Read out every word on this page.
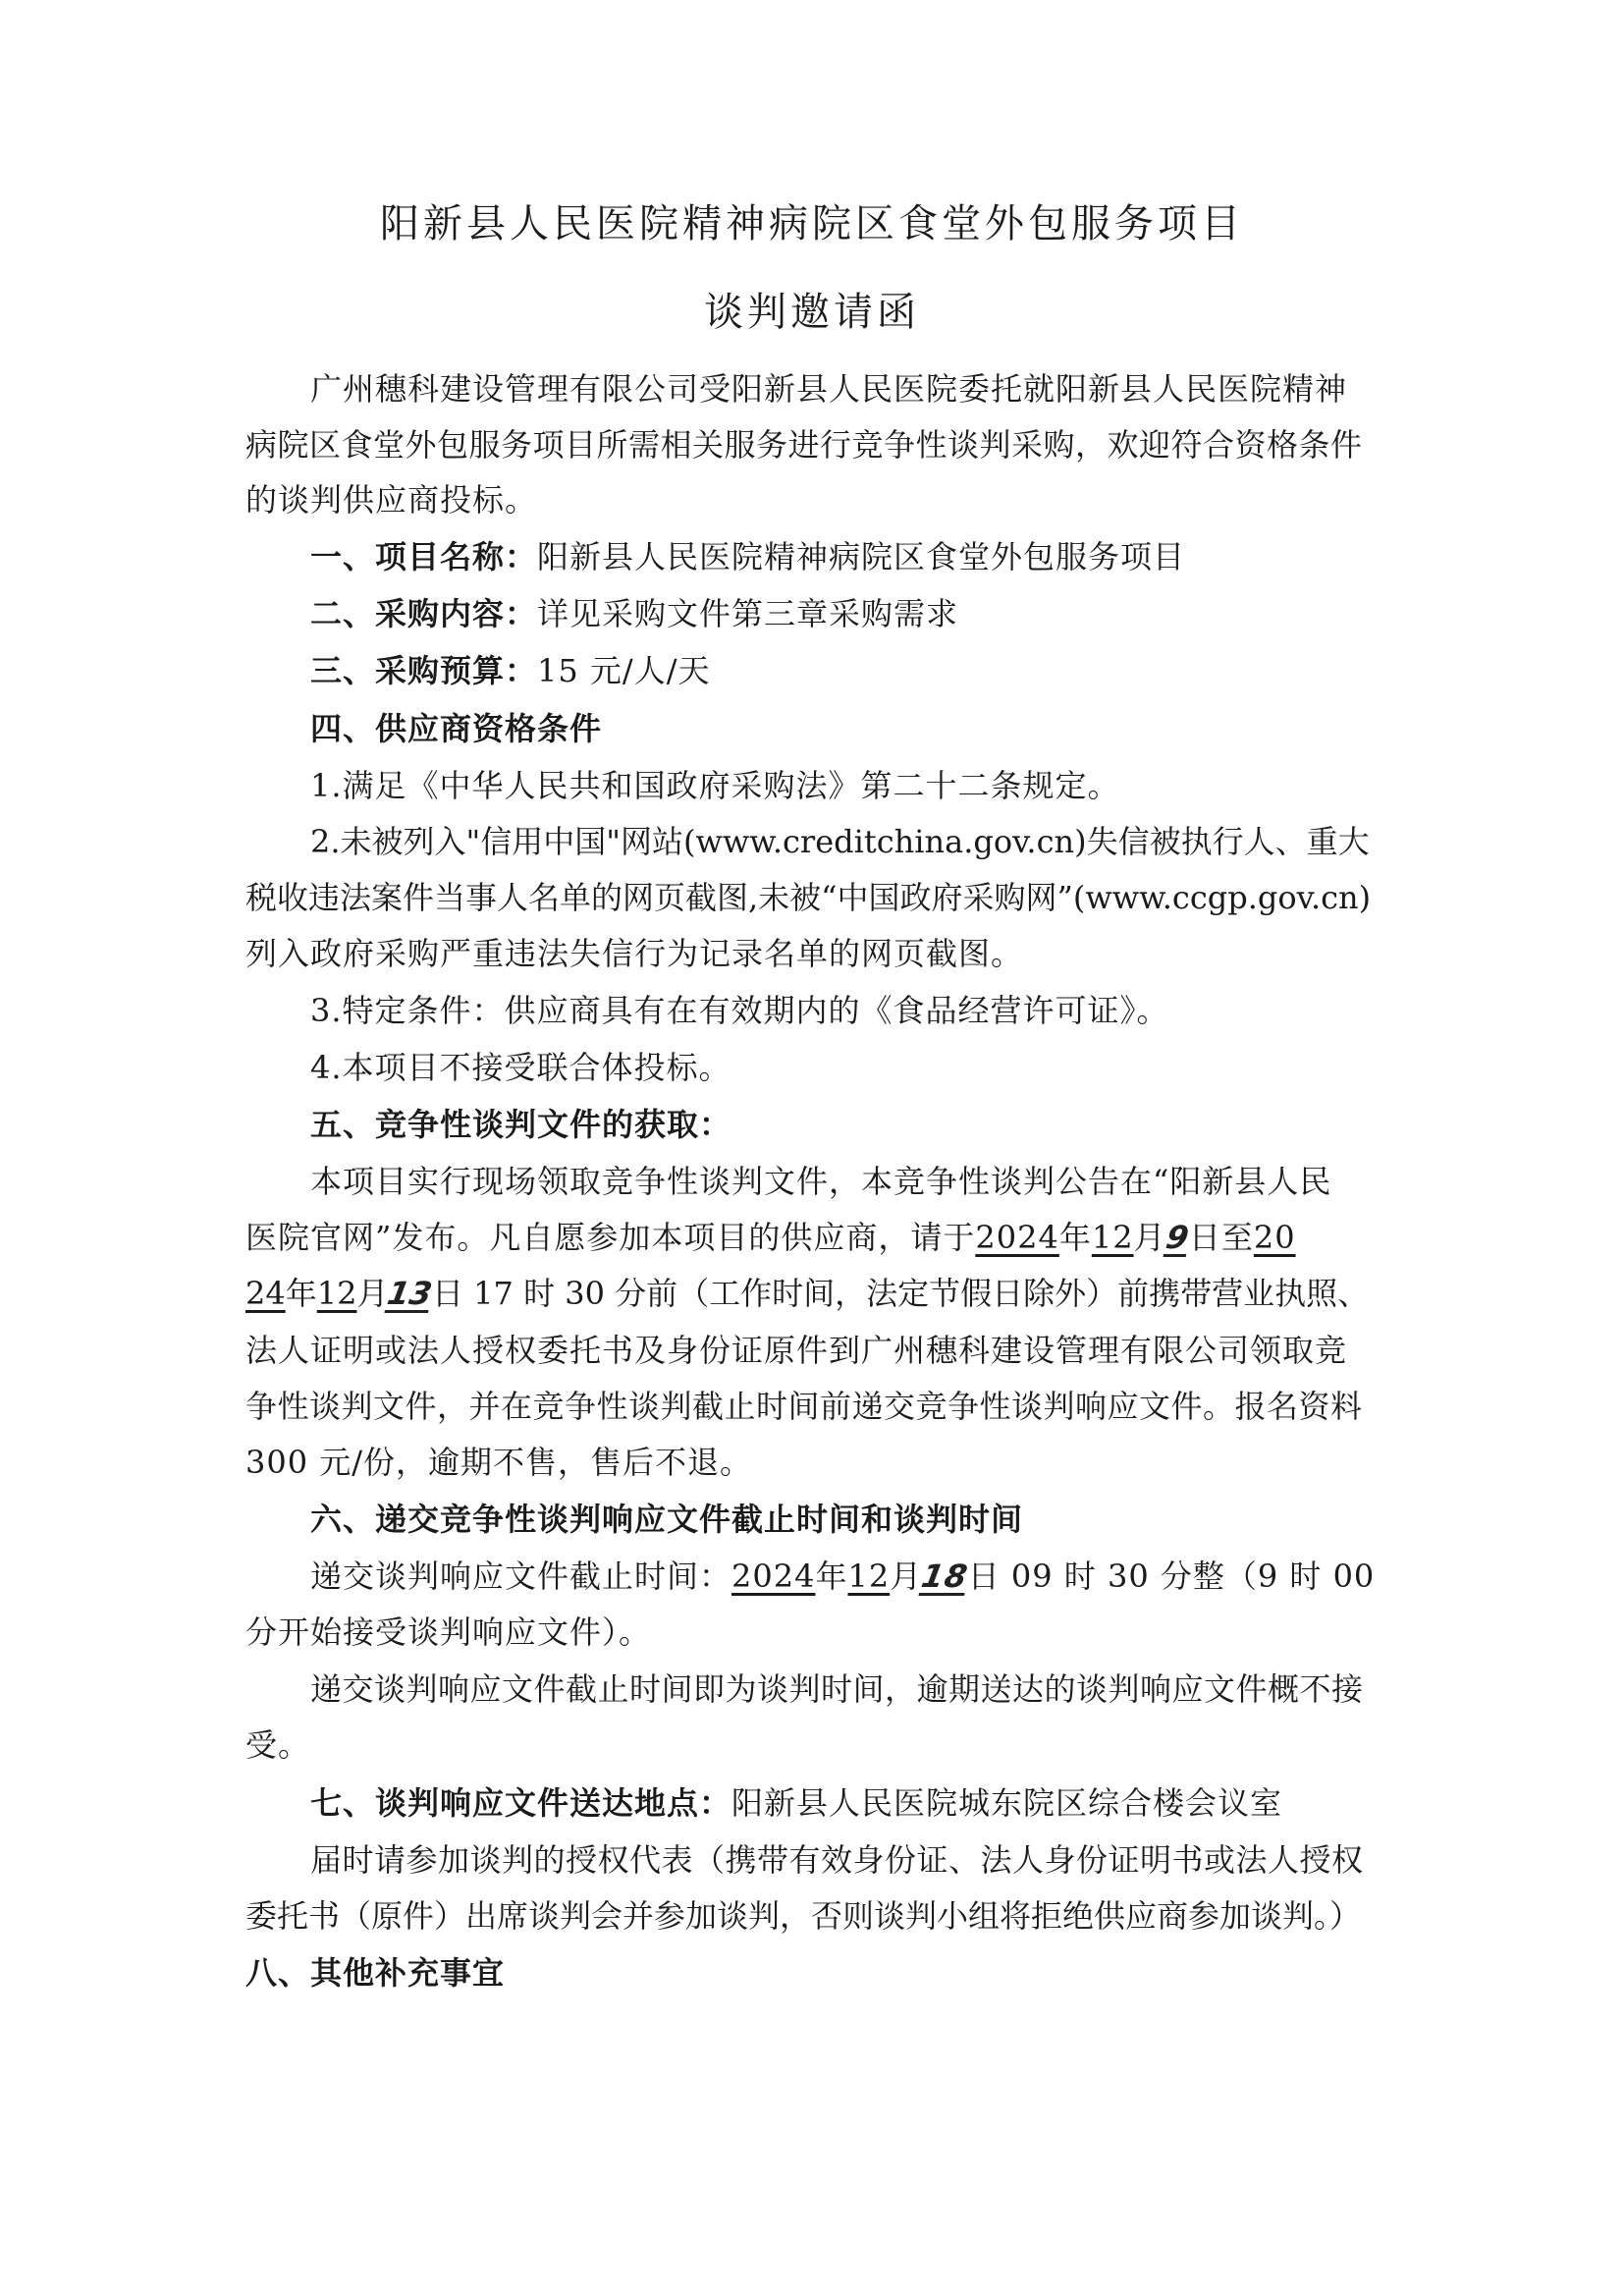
阳新县人民医院精神病院区食堂外包服务项目
谈判邀请函
广州穗科建设管理有限公司受阳新县人民医院委托就阳新县人民医院精神
病院区食堂外包服务项目所需相关服务进行竞争性谈判采购，欢迎符合资格条件
的谈判供应商投标。
一、项目名称：阳新县人民医院精神病院区食堂外包服务项目
二、采购内容：详见采购文件第三章采购需求
三、采购预算：15 元/人/天
四、供应商资格条件
1.满足《中华人民共和国政府采购法》第二十二条规定。
2.未被列入"信用中国"网站(www.creditchina.gov.cn)失信被执行人、重大
税收违法案件当事人名单的网页截图,未被“中国政府采购网”(www.ccgp.gov.cn)
列入政府采购严重违法失信行为记录名单的网页截图。
3.特定条件：供应商具有在有效期内的《食品经营许可证》。
4.本项目不接受联合体投标。
五、竞争性谈判文件的获取：
本项目实行现场领取竞争性谈判文件，本竞争性谈判公告在“阳新县人民
医院官网”发布。凡自愿参加本项目的供应商，请于2024年12月9日至20
24年12月13日 17 时 30 分前（工作时间，法定节假日除外）前携带营业执照、
法人证明或法人授权委托书及身份证原件到广州穗科建设管理有限公司领取竞
争性谈判文件，并在竞争性谈判截止时间前递交竞争性谈判响应文件。报名资料
300 元/份，逾期不售，售后不退。
六、递交竞争性谈判响应文件截止时间和谈判时间
递交谈判响应文件截止时间：2024年12月18日 09 时 30 分整（9 时 00
分开始接受谈判响应文件）。
递交谈判响应文件截止时间即为谈判时间，逾期送达的谈判响应文件概不接
受。
七、谈判响应文件送达地点：阳新县人民医院城东院区综合楼会议室
届时请参加谈判的授权代表（携带有效身份证、法人身份证明书或法人授权
委托书（原件）出席谈判会并参加谈判，否则谈判小组将拒绝供应商参加谈判。）
八、其他补充事宜
